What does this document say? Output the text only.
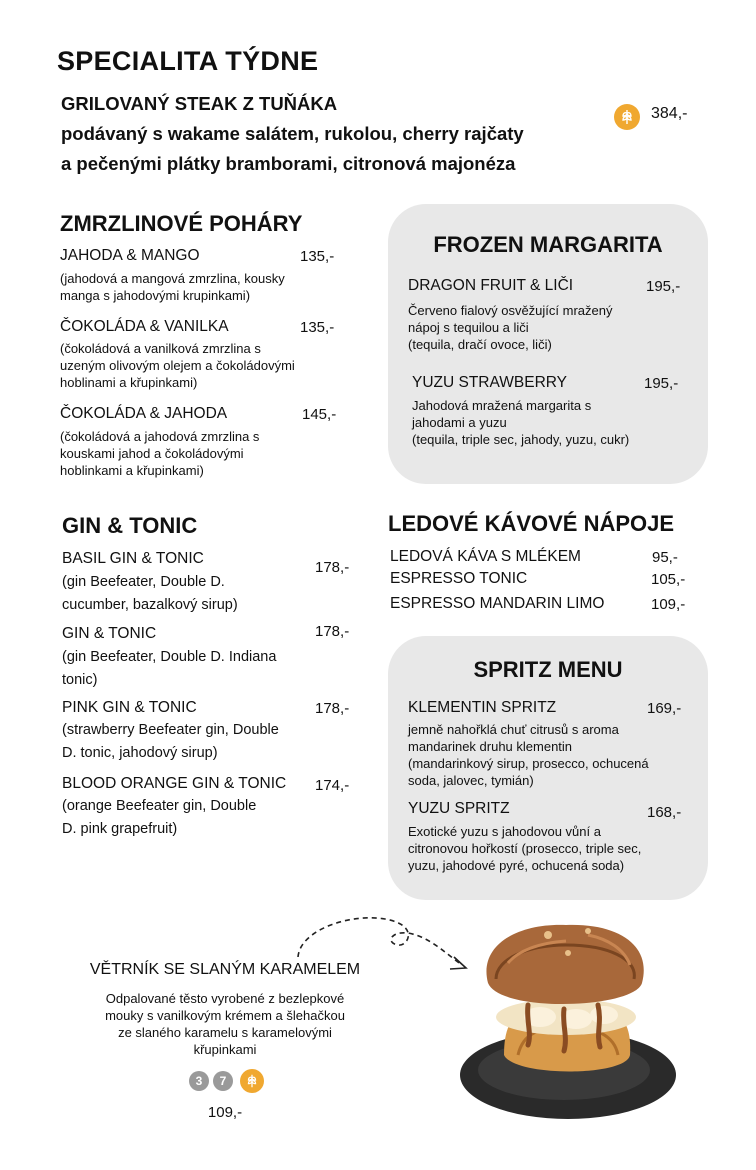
SPECIALITA TÝDNE
GRILOVANÝ STEAK Z TUŇÁKA
podávaný s wakame salátem, rukolou, cherry rajčaty
a pečenými plátky bramborami, citronová majonéza
384,-
ZMRZLINOVÉ POHÁRY
JAHODA & MANGO	135,-
(jahodová a mangová zmrzlina, kousky
manga s jahodovými krupinkami)
ČOKOLÁDA & VANILKA	135,-
(čokoládová a vanilková zmrzlina s
uzeným olivovým olejem a čokoládovými
hoblinami a křupinkami)
ČOKOLÁDA & JAHODA	145,-
(čokoládová a jahodová zmrzlina s
kouskami jahod a čokoládovými
hoblinkami a křupinkami)
FROZEN MARGARITA
DRAGON FRUIT & LIČI	195,-
Červeno fialový osvěžující mražený
nápoj s tequilou a liči
(tequila, dračí ovoce, liči)
YUZU STRAWBERRY	195,-
Jahodová mražená margarita s
jahodami a yuzu
(tequila, triple sec, jahody, yuzu, cukr)
GIN & TONIC
BASIL GIN & TONIC
178,-
(gin Beefeater, Double D.
cucumber, bazalkový sirup)
GIN & TONIC	178,-
(gin Beefeater, Double D. Indiana
tonic)
PINK GIN & TONIC	178,-
(strawberry Beefeater gin, Double
D. tonic, jahodový sirup)
BLOOD ORANGE GIN & TONIC 174,-
(orange Beefeater gin, Double
D. pink grapefruit)
LEDOVÉ KÁVOVÉ NÁPOJE
LEDOVÁ KÁVA S MLÉKEM	95,-
ESPRESSO TONIC	105,-
ESPRESSO MANDARIN LIMO	109,-
SPRITZ MENU
KLEMENTIN SPRITZ	169,-
jemně nahořklá chuť citrusů s aroma
mandarinek druhu klementin
(mandarinkový sirup, prosecco, ochucená
soda, jalovec, tymián)
YUZU SPRITZ	168,-
Exotické yuzu s jahodovou vůní a
citronovou hořkostí (prosecco, triple sec,
yuzu, jahodové pyré, ochucená soda)
VĚTRNÍK SE SLANÝM KARAMELEM
Odpalované těsto vyrobené z bezlepkové
mouky s vanilkovým krémem a šlehačkou
ze slaného karamelu s karamelovými
křupinkami
3	7
109,-
